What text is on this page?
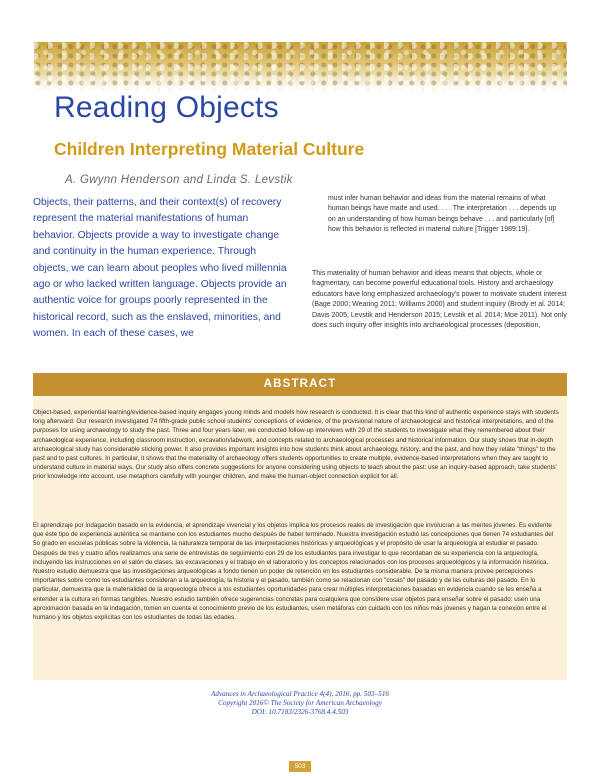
Reading Objects
Children Interpreting Material Culture
A. Gwynn Henderson and Linda S. Levstik

Objects, their patterns, and their context(s) of recovery represent the material manifestations of human behavior. Objects provide a way to investigate change and continuity in the human experience. Through objects, we can learn about peoples who lived millennia ago or who lacked written language. Objects provide an authentic voice for groups poorly represented in the historical record, such as the enslaved, minorities, and women. In each of these cases, we

must infer human behavior and ideas from the material remains of what human beings have made and used. . . . The interpretation . . . depends up on an understanding of how human beings behave . . . and particularly [of] how this behavior is reflected in material culture [Trigger 1989:19].

This materiality of human behavior and ideas means that objects, whole or fragmentary, can become powerful educational tools. History and archaeology educators have long emphasized archaeology's power to motivate student interest (Bage 2000; Wearing 2011; Williams 2000) and student inquiry (Brody et al. 2014; Davis 2005; Levstik and Henderson 2015; Levstik et al. 2014; Moe 2011). Not only does such inquiry offer insights into archaeological processes (deposition,

ABSTRACT

Object-based, experiential learning/evidence-based inquiry engages young minds and models how research is conducted. It is clear that this kind of authentic experience stays with students long afterward. Our research investigated 74 fifth-grade public school students' conceptions of evidence, of the provisional nature of archaeological and historical interpretations, and of the purposes for using archaeology to study the past. Three and four years later, we conducted follow-up interviews with 29 of the students to investigate what they remembered about their archaeological experience, including classroom instruction, excavation/labwork, and concepts related to archaeological processes and historical information. Our study shows that in-depth archaeological study has considerable sticking power. It also provides important insights into how students think about archaeology, history, and the past, and how they relate "things" to the past and to past cultures. In particular, it shows that the materiality of archaeology offers students opportunities to create multiple, evidence-based interpretations when they are taught to understand culture in material ways. Our study also offers concrete suggestions for anyone considering using objects to teach about the past: use an inquiry-based approach, take students' prior knowledge into account, use metaphors carefully with younger children, and make the human-object connection explicit for all.

El aprendizaje por indagación basado en la evidencia, el aprendizaje vivencial y los objetos implica los procesos reales de investigación que involucran a las mentes jóvenes. Es evidente que éste tipo de experiencia auténtica se mantiene con los estudiantes mucho después de haber terminado. Nuestra investigación estudió las concepciones que tienen 74 estudiantes del 5o grado en escuelas públicas sobre la violencia, la naturaleza temporal de las interpretaciones históricas y arqueológicas y el propósito de usar la arqueología al estudiar el pasado. Después de tres y cuatro años realizamos una serie de entrevistas de seguimiento con 29 de los estudiantes para investigar lo que recordaban de su experiencia con la arqueología, incluyendo las instrucciones en el salón de clases, las excavaciones y el trabajo en el laboratorio y los conceptos relacionados con los procesos arqueológicos y la información histórica. Nuestro estudio demuestra que las investigaciones arqueológicas a fondo tienen un poder de retención en los estudiantes considerable. De la misma manera provee percepciones importantes sobre como los estudiantes consideran a la arqueología, la historia y el pasado, también como se relacionan con "cosas" del pasado y de las culturas del pasado. En lo particular, demuestra que la materialidad de la arqueología ofrece a los estudiantes oportunidades para crear múltiples interpretaciones basadas en evidencia cuando se les enseña a entender a la cultura en formas tangibles. Nuestro estudio también ofrece sugerencias concretas para cualquiera que considere usar objetos para enseñar sobre el pasado: usen una aproximación basada en la indagación, tomen en cuenta el conocimiento previo de los estudiantes, usen metáforas con cuidado con los niños más jóvenes y hagan la conexión entre el humano y los objetos explícitas con los estudiantes de todas las edades.

Advances in Archaeological Practice 4(4), 2016, pp. 503–516
Copyright 2016© The Society for American Archaeology
DOI: 10.7183/2326-3768.4.4.503
503
